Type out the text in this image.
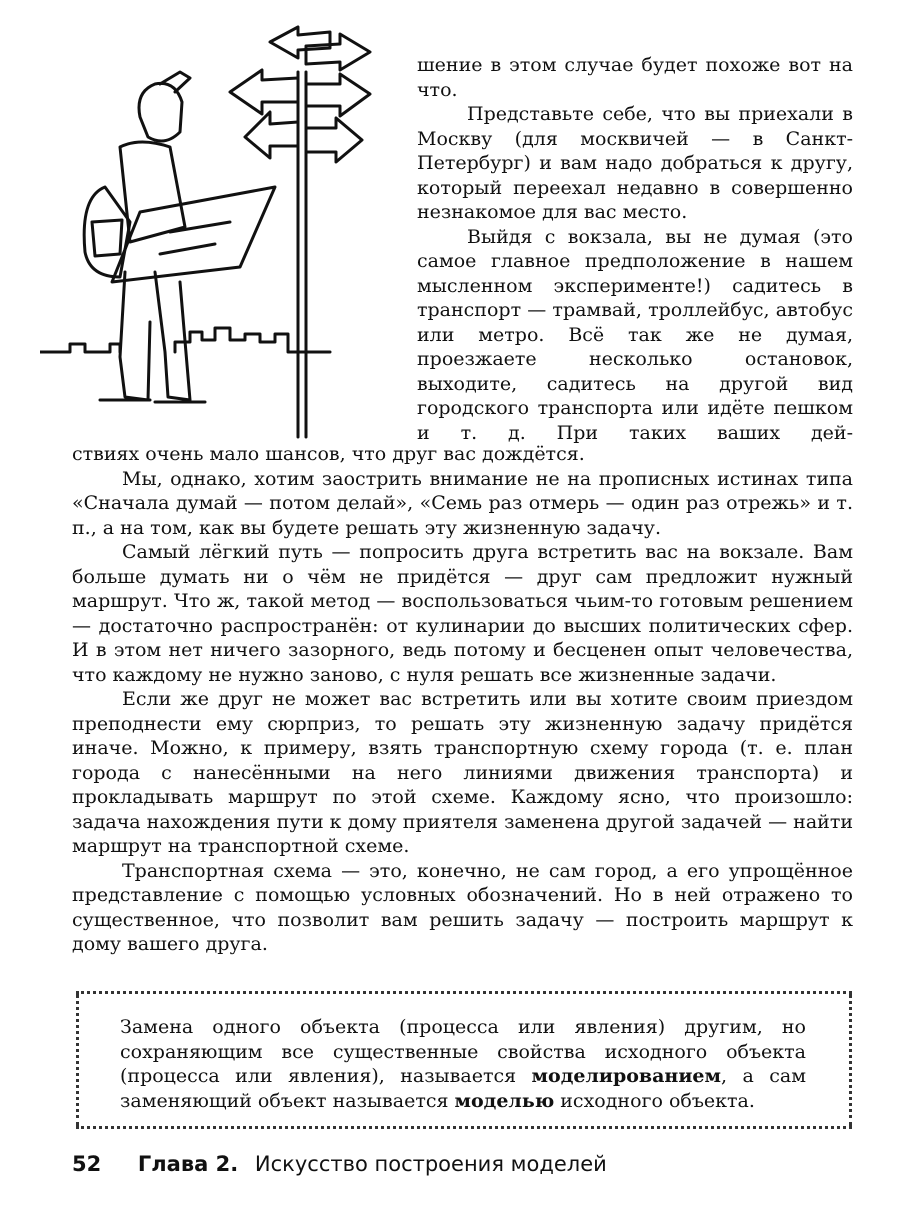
шение в этом случае будет похоже вот на что.

Представьте себе, что вы приехали в Москву (для москвичей — в Санкт-Петербург) и вам надо добраться к другу, который переехал недавно в совершенно незнакомое для вас место.

Выйдя с вокзала, вы не думая (это самое главное предположение в нашем мысленном эксперименте!) садитесь в транспорт — трамвай, троллейбус, автобус или метро. Всё так же не думая, проезжаете несколько остановок, выходите, садитесь на другой вид городского транспорта или идёте пешком и т. д. При таких ваших дей-

ствиях очень мало шансов, что друг вас дождётся.

Мы, однако, хотим заострить внимание не на прописных истинах типа «Сначала думай — потом делай», «Семь раз отмерь — один раз отрежь» и т. п., а на том, как вы будете решать эту жизненную задачу.

Самый лёгкий путь — попросить друга встретить вас на вокзале. Вам больше думать ни о чём не придётся — друг сам предложит нужный маршрут. Что ж, такой метод — воспользоваться чьим-то готовым решением — достаточно распространён: от кулинарии до высших политических сфер. И в этом нет ничего зазорного, ведь потому и бесценен опыт человечества, что каждому не нужно заново, с нуля решать все жизненные задачи.

Если же друг не может вас встретить или вы хотите своим приездом преподнести ему сюрприз, то решать эту жизненную задачу придётся иначе. Можно, к примеру, взять транспортную схему города (т. е. план города с нанесёнными на него линиями движения транспорта) и прокладывать маршрут по этой схеме. Каждому ясно, что произошло: задача нахождения пути к дому приятеля заменена другой задачей — найти маршрут на транспортной схеме.

Транспортная схема — это, конечно, не сам город, а его упрощённое представление с помощью условных обозначений. Но в ней отражено то существенное, что позволит вам решить задачу — построить маршрут к дому вашего друга.

Замена одного объекта (процесса или явления) другим, но сохраняющим все существенные свойства исходного объекта (процесса или явления), называется моделированием, а сам заменяющий объект называется моделью исходного объекта.

52 Глава 2. Искусство построения моделей
